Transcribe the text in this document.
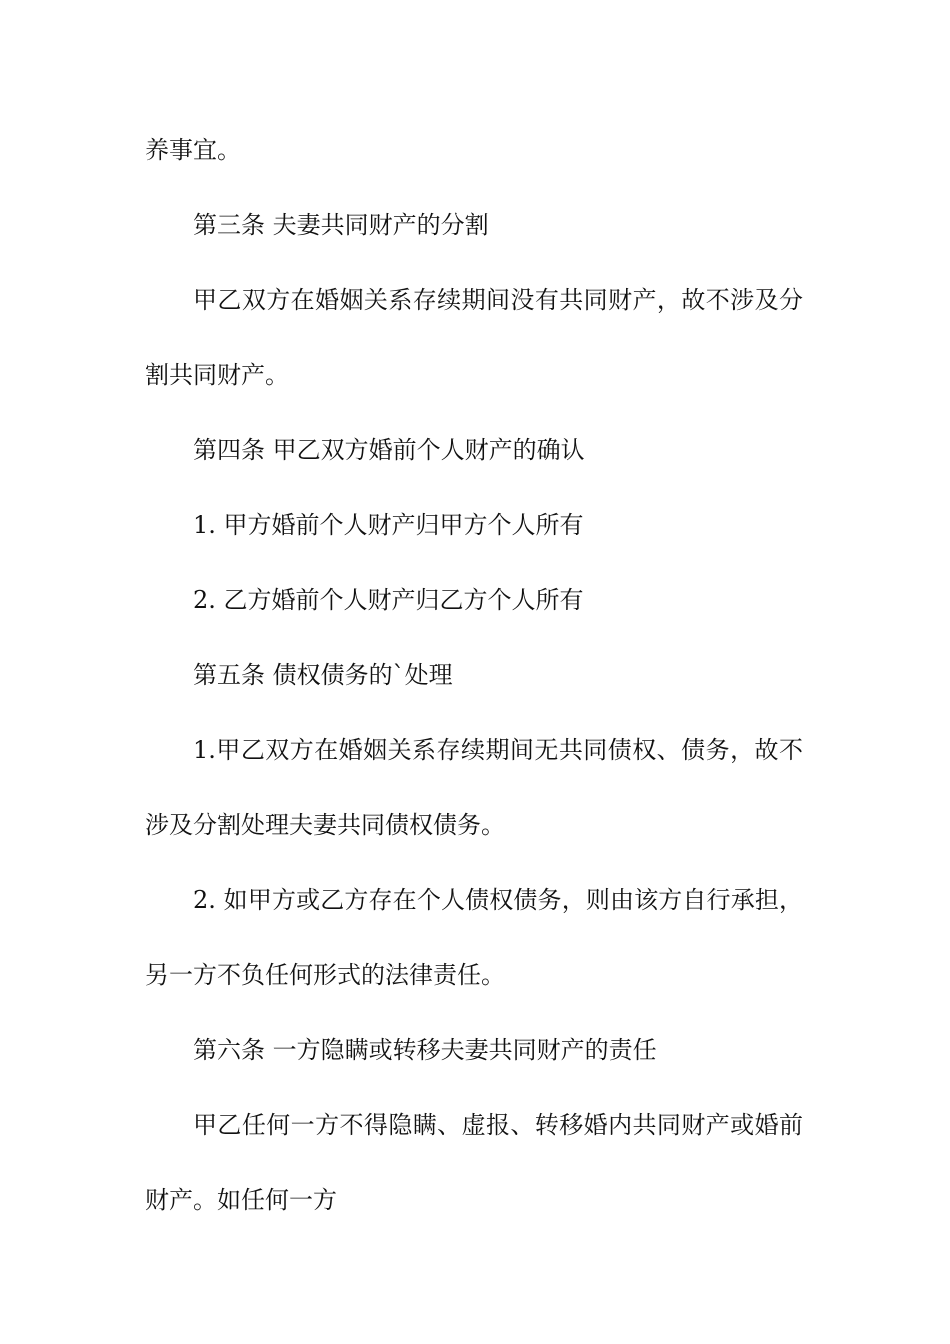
养事宜。

第三条 夫妻共同财产的分割

甲乙双方在婚姻关系存续期间没有共同财产，故不涉及分

割共同财产。

第四条 甲乙双方婚前个人财产的确认

1. 甲方婚前个人财产归甲方个人所有

2. 乙方婚前个人财产归乙方个人所有

第五条 债权债务的`处理

1.甲乙双方在婚姻关系存续期间无共同债权、债务，故不

涉及分割处理夫妻共同债权债务。

2. 如甲方或乙方存在个人债权债务，则由该方自行承担，

另一方不负任何形式的法律责任。

第六条 一方隐瞒或转移夫妻共同财产的责任

甲乙任何一方不得隐瞒、虚报、转移婚内共同财产或婚前

财产。如任何一方
